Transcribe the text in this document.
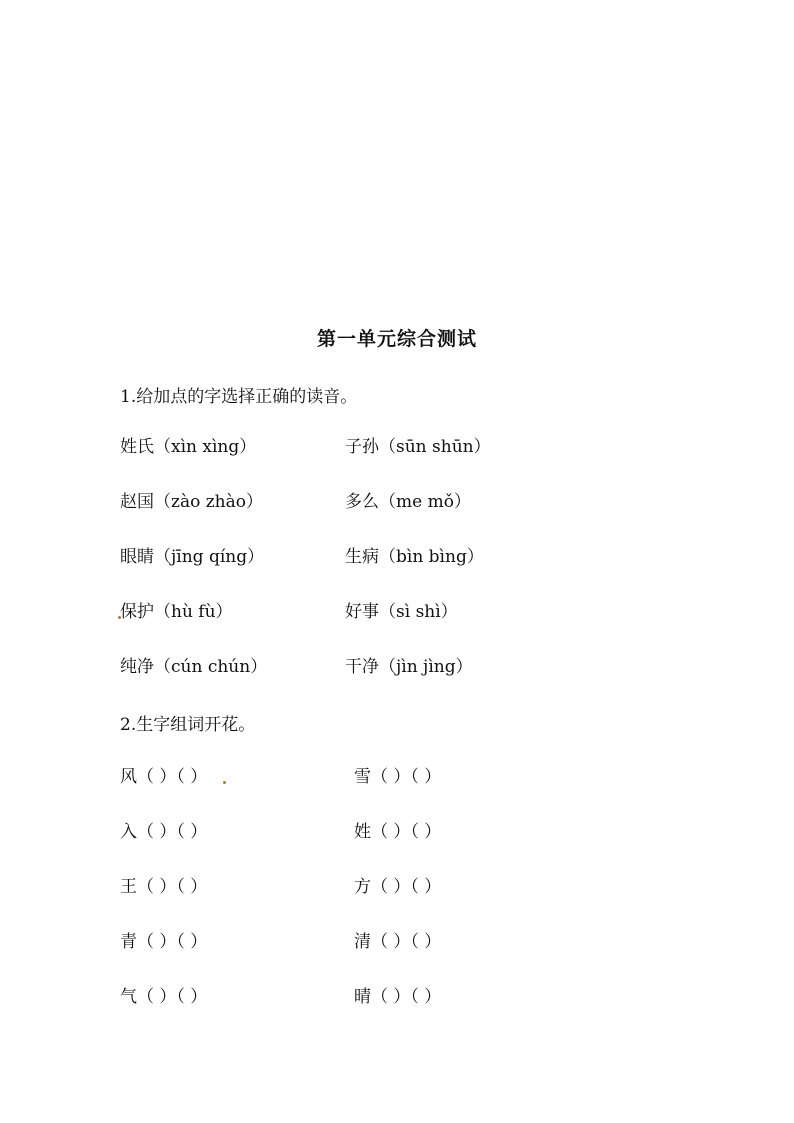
第一单元综合测试
1.给加点的字选择正确的读音。
姓氏（xìn xìng）	子孙（sūn shūn）
赵国（zào zhào）	多么（me mǒ）
眼睛（jīng qíng）	生病（bìn bìng）
保护（hù fù）	好事（sì shì）
纯净（cún chún）	干净（jìn jìng）
2.生字组词开花。
风（ ）（ ）	雪（ ）（ ）
入（ ）（ ）	姓（ ）（ ）
王（ ）（ ）	方（ ）（ ）
青（ ）（ ）	清（ ）（ ）
气（ ）（ ）	晴（ ）（ ）
